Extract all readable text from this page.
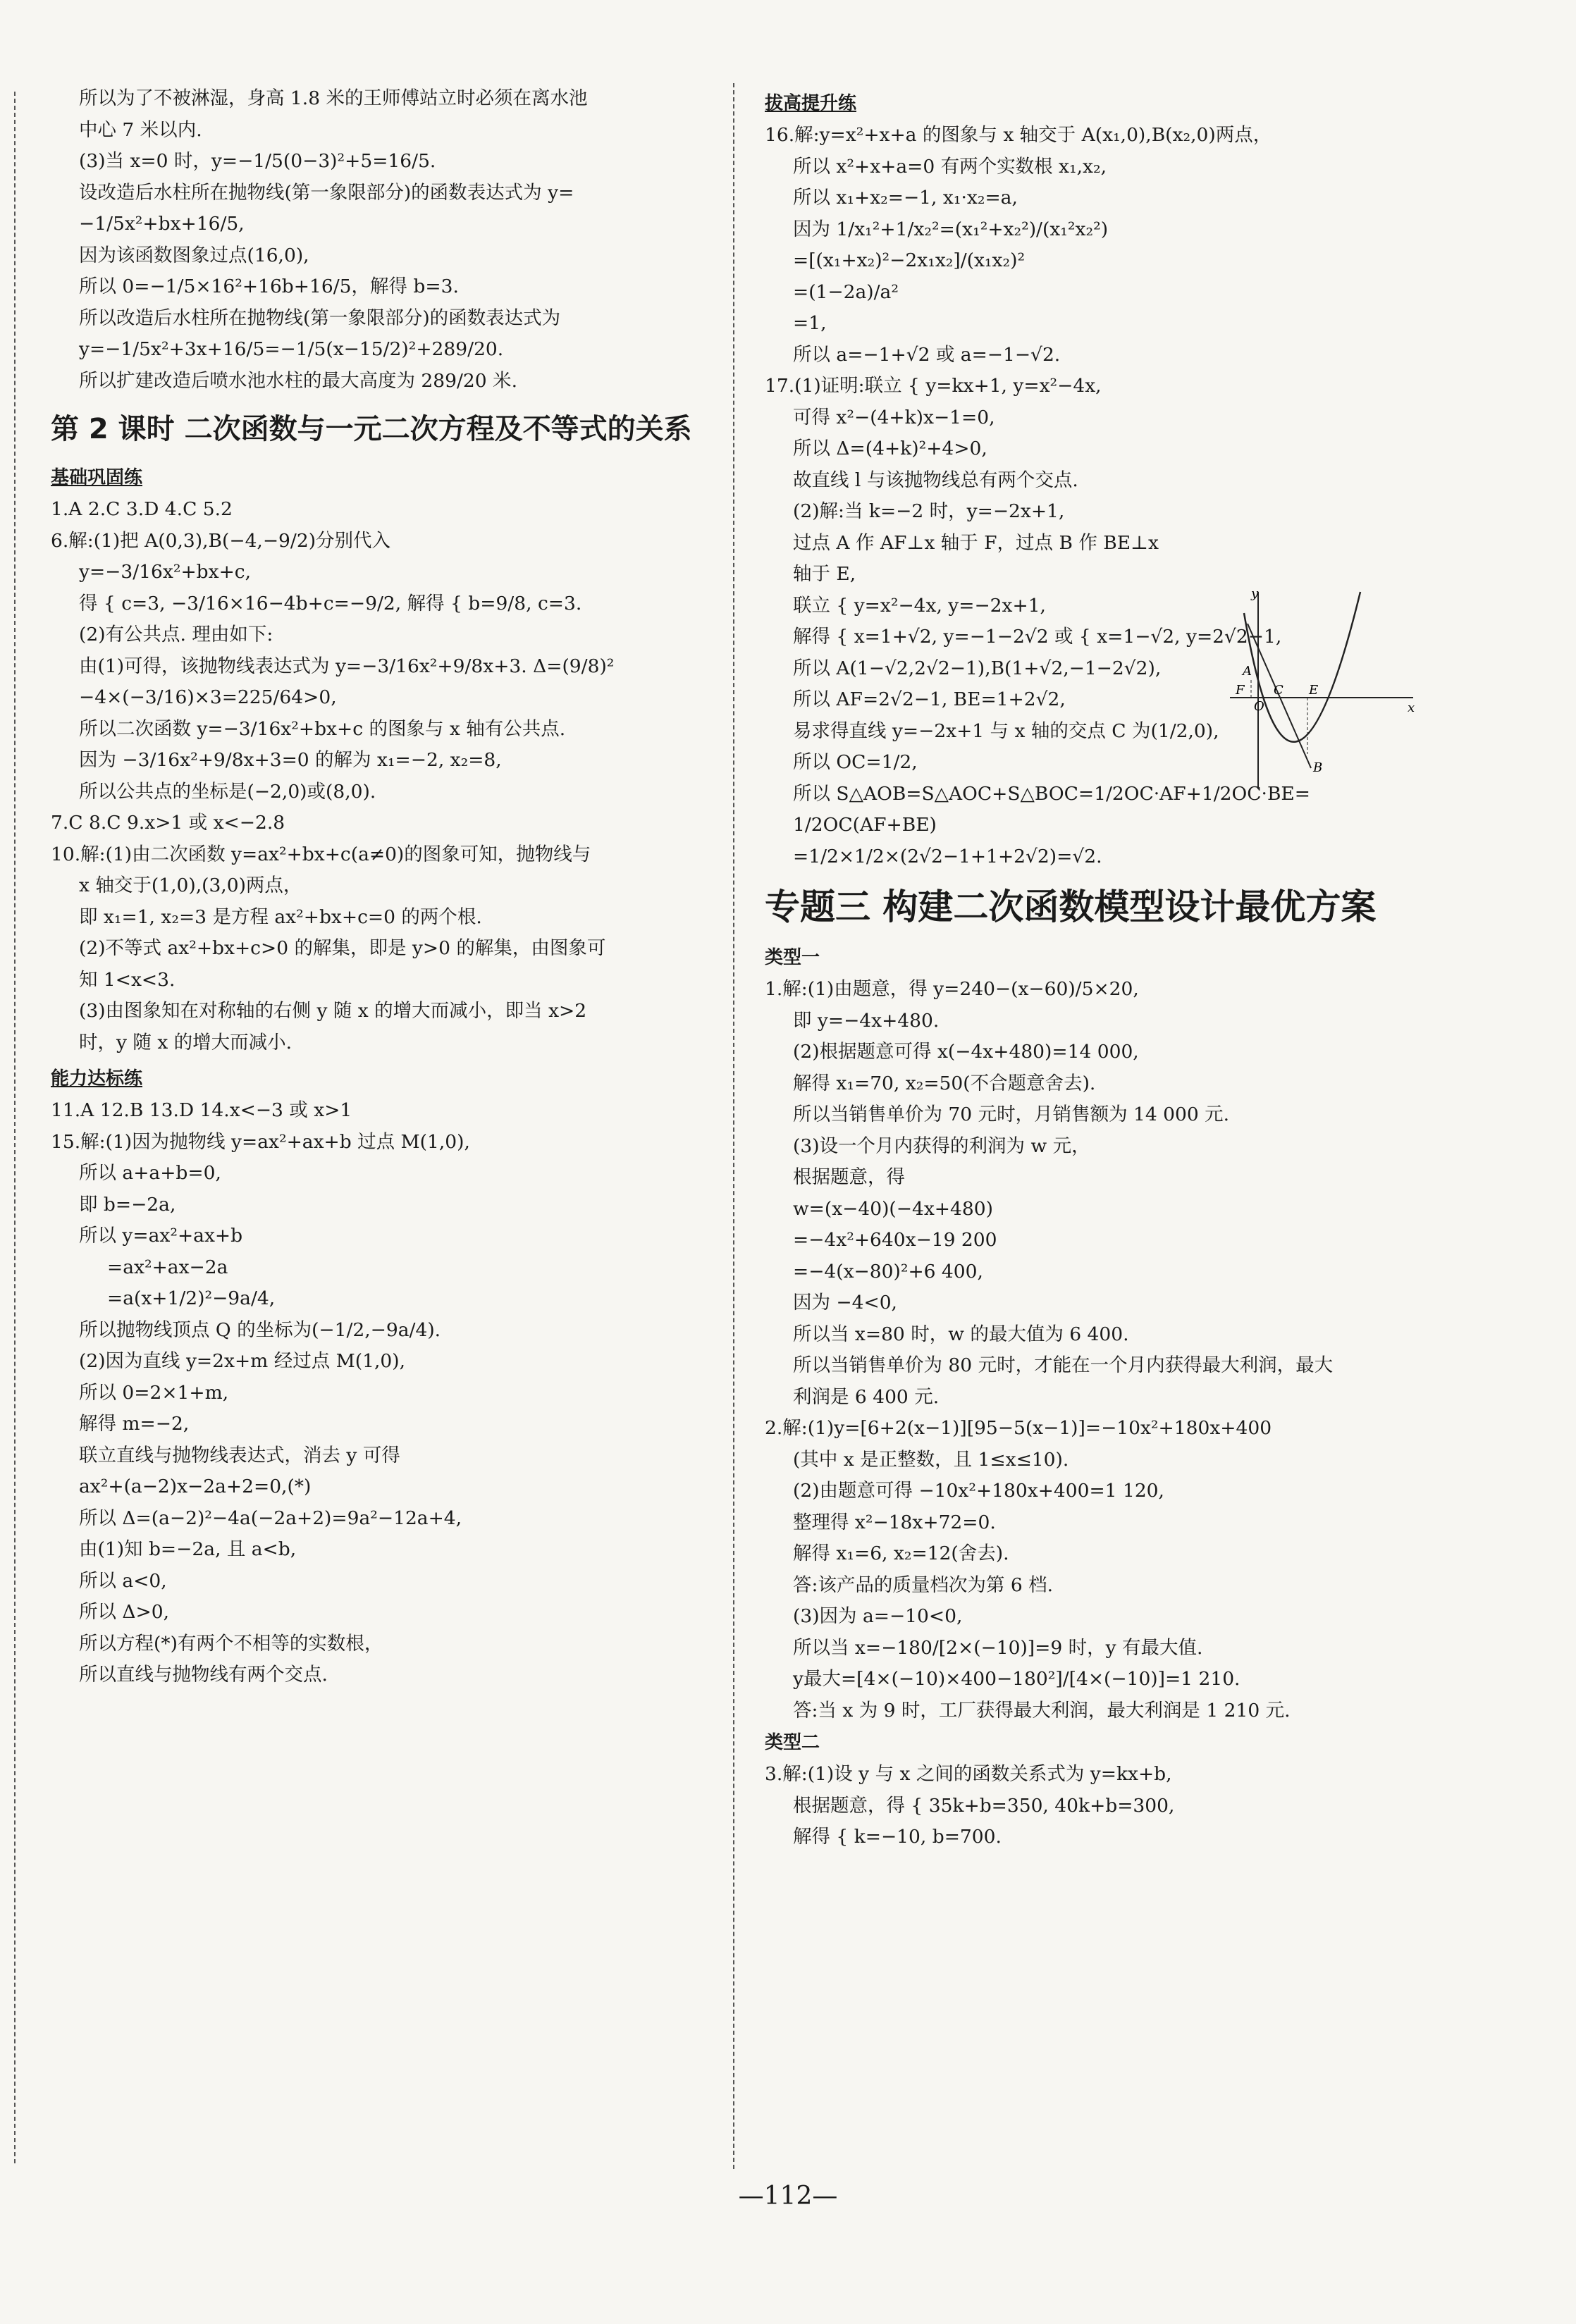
所以为了不被淋湿，身高 1.8 米的王师傅站立时必须在离水池
中心 7 米以内.
(3)当 x=0 时，y=−1/5(0−3)²+5=16/5.
设改造后水柱所在抛物线(第一象限部分)的函数表达式为 y=
−1/5x²+bx+16/5,
因为该函数图象过点(16,0),
所以 0=−1/5×16²+16b+16/5，解得 b=3.
所以改造后水柱所在抛物线(第一象限部分)的函数表达式为
y=−1/5x²+3x+16/5=−1/5(x−15/2)²+289/20.
所以扩建改造后喷水池水柱的最大高度为 289/20 米.
第 2 课时 二次函数与一元二次方程及不等式的关系
基础巩固练
1.A 2.C 3.D 4.C 5.2
6.解:(1)把 A(0,3),B(−4,−9/2)分别代入
y=−3/16x²+bx+c,
得 { c=3, −3/16×16−4b+c=−9/2, 解得 { b=9/8, c=3.
(2)有公共点. 理由如下:
由(1)可得，该抛物线表达式为 y=−3/16x²+9/8x+3. Δ=(9/8)²
−4×(−3/16)×3=225/64>0,
所以二次函数 y=−3/16x²+bx+c 的图象与 x 轴有公共点.
因为 −3/16x²+9/8x+3=0 的解为 x₁=−2, x₂=8,
所以公共点的坐标是(−2,0)或(8,0).
7.C 8.C 9.x>1 或 x<−2.8
10.解:(1)由二次函数 y=ax²+bx+c(a≠0)的图象可知，抛物线与
x 轴交于(1,0),(3,0)两点，
即 x₁=1, x₂=3 是方程 ax²+bx+c=0 的两个根.
(2)不等式 ax²+bx+c>0 的解集，即是 y>0 的解集，由图象可
知 1<x<3.
(3)由图象知在对称轴的右侧 y 随 x 的增大而减小，即当 x>2
时，y 随 x 的增大而减小.
能力达标练
11.A 12.B 13.D 14.x<−3 或 x>1
15.解:(1)因为抛物线 y=ax²+ax+b 过点 M(1,0),
所以 a+a+b=0,
即 b=−2a,
所以 y=ax²+ax+b
=ax²+ax−2a
=a(x+1/2)²−9a/4,
所以抛物线顶点 Q 的坐标为(−1/2,−9a/4).
(2)因为直线 y=2x+m 经过点 M(1,0),
所以 0=2×1+m,
解得 m=−2,
联立直线与抛物线表达式，消去 y 可得
ax²+(a−2)x−2a+2=0,(*)
所以 Δ=(a−2)²−4a(−2a+2)=9a²−12a+4,
由(1)知 b=−2a, 且 a<b,
所以 a<0,
所以 Δ>0,
所以方程(*)有两个不相等的实数根，
所以直线与抛物线有两个交点.
拔高提升练
16.解:y=x²+x+a 的图象与 x 轴交于 A(x₁,0),B(x₂,0)两点，
所以 x²+x+a=0 有两个实数根 x₁,x₂,
所以 x₁+x₂=−1, x₁·x₂=a,
因为 1/x₁²+1/x₂²=(x₁²+x₂²)/(x₁²x₂²)
=[(x₁+x₂)²−2x₁x₂]/(x₁x₂)²
=(1−2a)/a²
=1,
所以 a=−1+√2 或 a=−1−√2.
17.(1)证明:联立 { y=kx+1, y=x²−4x,
可得 x²−(4+k)x−1=0,
所以 Δ=(4+k)²+4>0,
故直线 l 与该抛物线总有两个交点.
(2)解:当 k=−2 时，y=−2x+1,
过点 A 作 AF⊥x 轴于 F，过点 B 作 BE⊥x
轴于 E,
联立 { y=x²−4x, y=−2x+1,
解得 { x=1+√2, y=−1−2√2 或 { x=1−√2, y=2√2−1,
所以 A(1−√2,2√2−1),B(1+√2,−1−2√2),
所以 AF=2√2−1, BE=1+2√2,
易求得直线 y=−2x+1 与 x 轴的交点 C 为(1/2,0),
所以 OC=1/2,
所以 S△AOB=S△AOC+S△BOC=1/2OC·AF+1/2OC·BE=
1/2OC(AF+BE)
=1/2×1/2×(2√2−1+1+2√2)=√2.
专题三 构建二次函数模型设计最优方案
类型一
1.解:(1)由题意，得 y=240−(x−60)/5×20,
即 y=−4x+480.
(2)根据题意可得 x(−4x+480)=14 000,
解得 x₁=70, x₂=50(不合题意舍去).
所以当销售单价为 70 元时，月销售额为 14 000 元.
(3)设一个月内获得的利润为 w 元，
根据题意，得
w=(x−40)(−4x+480)
=−4x²+640x−19 200
=−4(x−80)²+6 400,
因为 −4<0,
所以当 x=80 时，w 的最大值为 6 400.
所以当销售单价为 80 元时，才能在一个月内获得最大利润，最大
利润是 6 400 元.
2.解:(1)y=[6+2(x−1)][95−5(x−1)]=−10x²+180x+400
(其中 x 是正整数，且 1≤x≤10).
(2)由题意可得 −10x²+180x+400=1 120,
整理得 x²−18x+72=0.
解得 x₁=6, x₂=12(舍去).
答:该产品的质量档次为第 6 档.
(3)因为 a=−10<0,
所以当 x=−180/[2×(−10)]=9 时，y 有最大值.
y最大=[4×(−10)×400−180²]/[4×(−10)]=1 210.
答:当 x 为 9 时，工厂获得最大利润，最大利润是 1 210 元.
类型二
3.解:(1)设 y 与 x 之间的函数关系式为 y=kx+b,
根据题意，得 { 35k+b=350, 40k+b=300,
解得 { k=−10, b=700.
y
x
F C E
O
A
B
—112—
